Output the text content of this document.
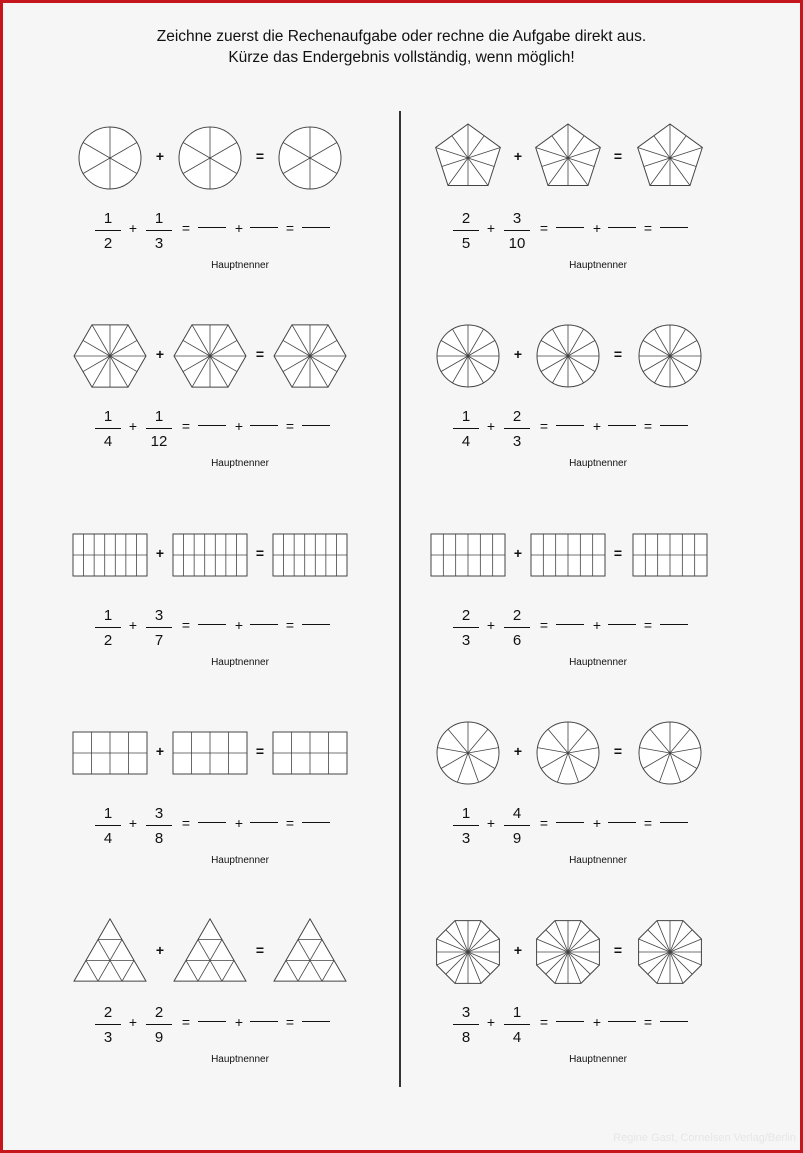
Zeichne zuerst die Rechenaufgabe oder rechne die Aufgabe direkt aus.
Kürze das Endergebnis vollständig, wenn möglich!
+	=
1
2
+
1
3
=	+	=
Hauptnenner
+	=
2
5
+
3
10
=	+	=
Hauptnenner
+	=
1
4
+
1
12
=	+	=
Hauptnenner
+	=
1
4
+
2
3
=	+	=
Hauptnenner
+	=
1
2
+
3
7
=	+	=
Hauptnenner
+	=
2
3
+
2
6
=	+	=
Hauptnenner
+	=
1
4
+
3
8
=	+	=
Hauptnenner
+	=
1
3
+
4
9
=	+	=
Hauptnenner
+	=
2
3
+
2
9
=	+	=
Hauptnenner
+	=
3
8
+
1
4
=	+	=
Hauptnenner
Regine Gast, Cornelsen Verlag/Berlin
